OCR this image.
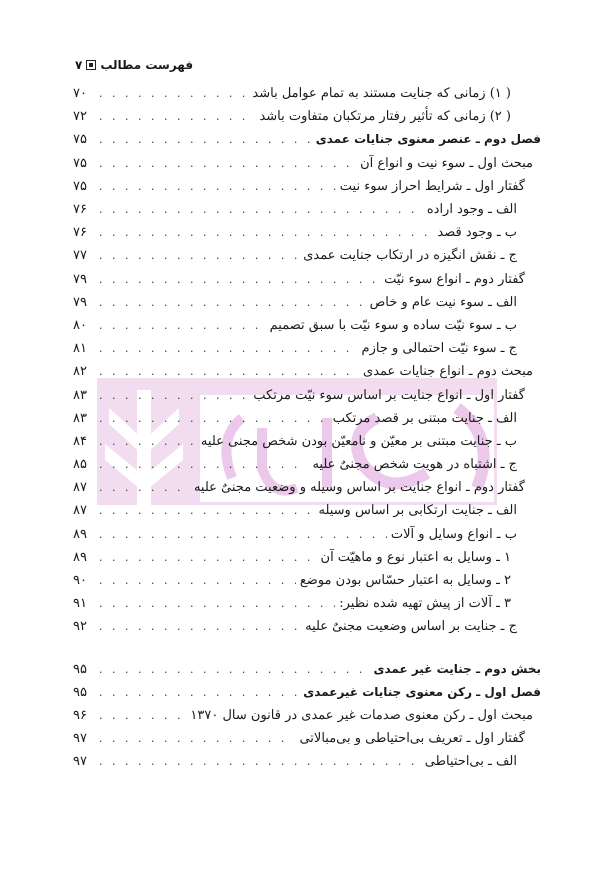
فهرست مطالب
۷
( ۱) زمانی که جنایت مستند به تمام عوامل باشد
. . .
۷۰
( ۲) زمانی که تأثیر رفتار مرتکبان متفاوت باشد
. . .
۷۲
فصل دوم ـ عنصر معنوی جنایات عمدی
. . .
۷۵
مبحث اول ـ سوء نیت و انواع آن
. . .
۷۵
گفتار اول ـ شرایط احراز سوء نیت
. . .
۷۵
الف ـ وجود اراده
. . .
۷۶
ب ـ وجود قصد
. . .
۷۶
ج ـ نقش انگیزه در ارتکاب جنایت عمدی
. . .
۷۷
گفتار دوم ـ انواع سوء نیّت
. . .
۷۹
الف ـ سوء نیت عام و خاص
. . .
۷۹
ب ـ سوء نیّت ساده و سوء نیّت با سبق تصمیم
. . .
۸۰
ج ـ سوء نیّت احتمالی و جازم
. . .
۸۱
مبحث دوم ـ انواع جنایات عمدی
. . .
۸۲
گفتار اول ـ انواع جنایت بر اساس سوء نیّت مرتکب
. . .
۸۳
الف ـ جنایت مبتنی بر قصد مرتکب
. . .
۸۳
ب ـ جنایت مبتنی بر معیّن و نامعیّن بودن شخص مجنی علیه
. . .
۸۴
ج ـ اشتباه در هویت شخص مجنیٌ علیه
. . .
۸۵
گفتار دوم ـ انواع جنایت بر اساس وسیله و وضعیت مجنیٌ علیه
. . .
۸۷
الف ـ جنایت ارتکابی بر اساس وسیله
. . .
۸۷
ب ـ انواع وسایل و آلات
. . .
۸۹
۱ ـ وسایل به اعتبار نوع و ماهیّت آن
. . .
۸۹
۲ ـ وسایل به اعتبار حسّاس بودن موضع
. . .
۹۰
۳ ـ آلات از پیش تهیه شده نظیر:
. . .
۹۱
ج ـ جنایت بر اساس وضعیت مجنیٌ علیه
. . .
۹۲
بخش دوم ـ جنایت غیر عمدی
. . .
۹۵
فصل اول ـ رکن معنوی جنایات غیرعمدی
. . .
۹۵
مبحث اول ـ رکن معنوی صدمات غیر عمدی در قانون سال ۱۳۷۰
. . .
۹۶
گفتار اول ـ تعریف بی‌احتیاطی و بی‌مبالاتی
. . .
۹۷
الف ـ بی‌احتیاطی
. . .
۹۷
